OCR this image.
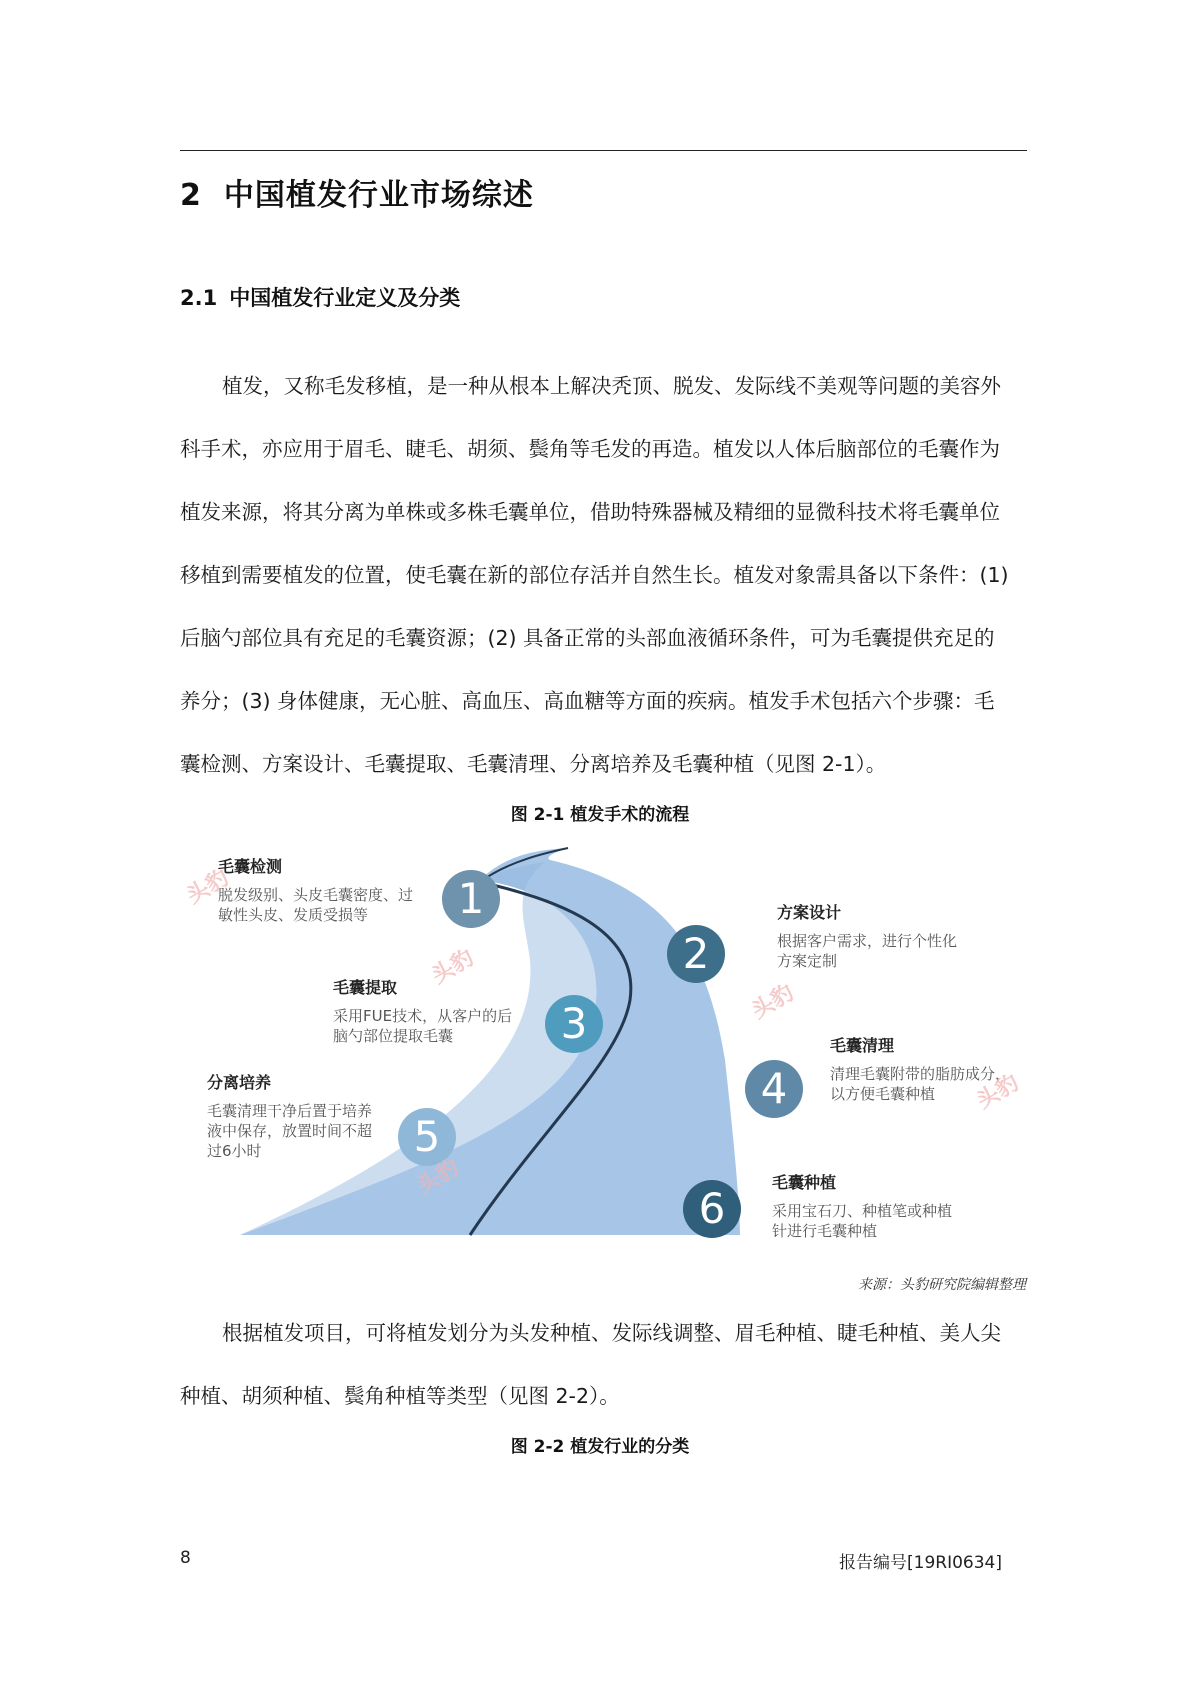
2 中国植发行业市场综述
2.1 中国植发行业定义及分类
植发，又称毛发移植，是一种从根本上解决秃顶、脱发、发际线不美观等问题的美容外
科手术，亦应用于眉毛、睫毛、胡须、鬓角等毛发的再造。植发以人体后脑部位的毛囊作为
植发来源，将其分离为单株或多株毛囊单位，借助特殊器械及精细的显微科技术将毛囊单位
移植到需要植发的位置，使毛囊在新的部位存活并自然生长。植发对象需具备以下条件：(1)
后脑勺部位具有充足的毛囊资源；(2) 具备正常的头部血液循环条件，可为毛囊提供充足的
养分；(3) 身体健康，无心脏、高血压、高血糖等方面的疾病。植发手术包括六个步骤：毛
囊检测、方案设计、毛囊提取、毛囊清理、分离培养及毛囊种植（见图 2-1）。
图 2-1 植发手术的流程
1
2
3
4
5
6
毛囊检测
脱发级别、头皮毛囊密度、过敏性头皮、发质受损等	方案设计
根据客户需求，进行个性化方案定制
毛囊提取
采用FUE技术，从客户的后脑勺部位提取毛囊	毛囊清理
清理毛囊附带的脂肪成分，以方便毛囊种植
分离培养
毛囊清理干净后置于培养液中保存，放置时间不超过6小时
毛囊种植
采用宝石刀、种植笔或种植针进行毛囊种植
头豹
头豹
头豹
头豹
头豹
来源：头豹研究院编辑整理
根据植发项目，可将植发划分为头发种植、发际线调整、眉毛种植、睫毛种植、美人尖
种植、胡须种植、鬓角种植等类型（见图 2-2）。
图 2-2 植发行业的分类
8	报告编号[19RI0634]
